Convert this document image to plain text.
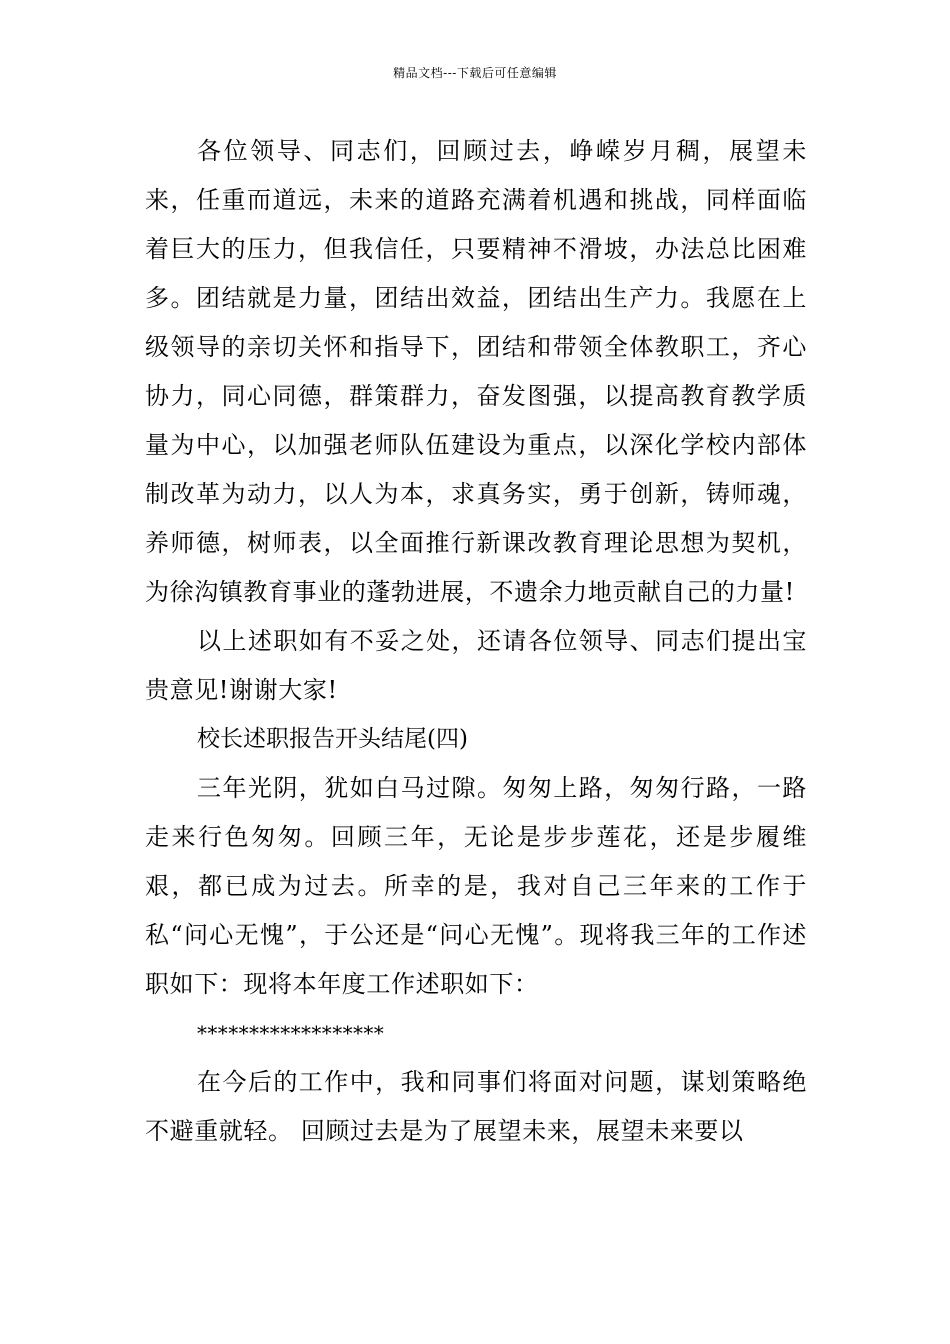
精品文档---下载后可任意编辑

各位领导、同志们，回顾过去，峥嵘岁月稠，展望未来，任重而道远，未来的道路充满着机遇和挑战，同样面临着巨大的压力，但我信任，只要精神不滑坡，办法总比困难多。团结就是力量，团结出效益，团结出生产力。我愿在上级领导的亲切关怀和指导下，团结和带领全体教职工，齐心协力，同心同德，群策群力，奋发图强，以提高教育教学质量为中心，以加强老师队伍建设为重点，以深化学校内部体制改革为动力，以人为本，求真务实，勇于创新，铸师魂，养师德，树师表，以全面推行新课改教育理论思想为契机，为徐沟镇教育事业的蓬勃进展，不遗余力地贡献自己的力量!

以上述职如有不妥之处，还请各位领导、同志们提出宝贵意见!谢谢大家!

校长述职报告开头结尾(四)

三年光阴，犹如白马过隙。匆匆上路，匆匆行路，一路走来行色匆匆。回顾三年，无论是步步莲花，还是步履维艰，都已成为过去。所幸的是，我对自己三年来的工作于私“问心无愧”，于公还是“问心无愧”。现将我三年的工作述职如下：现将本年度工作述职如下：

******************

在今后的工作中，我和同事们将面对问题，谋划策略绝不避重就轻。 回顾过去是为了展望未来，展望未来要以
